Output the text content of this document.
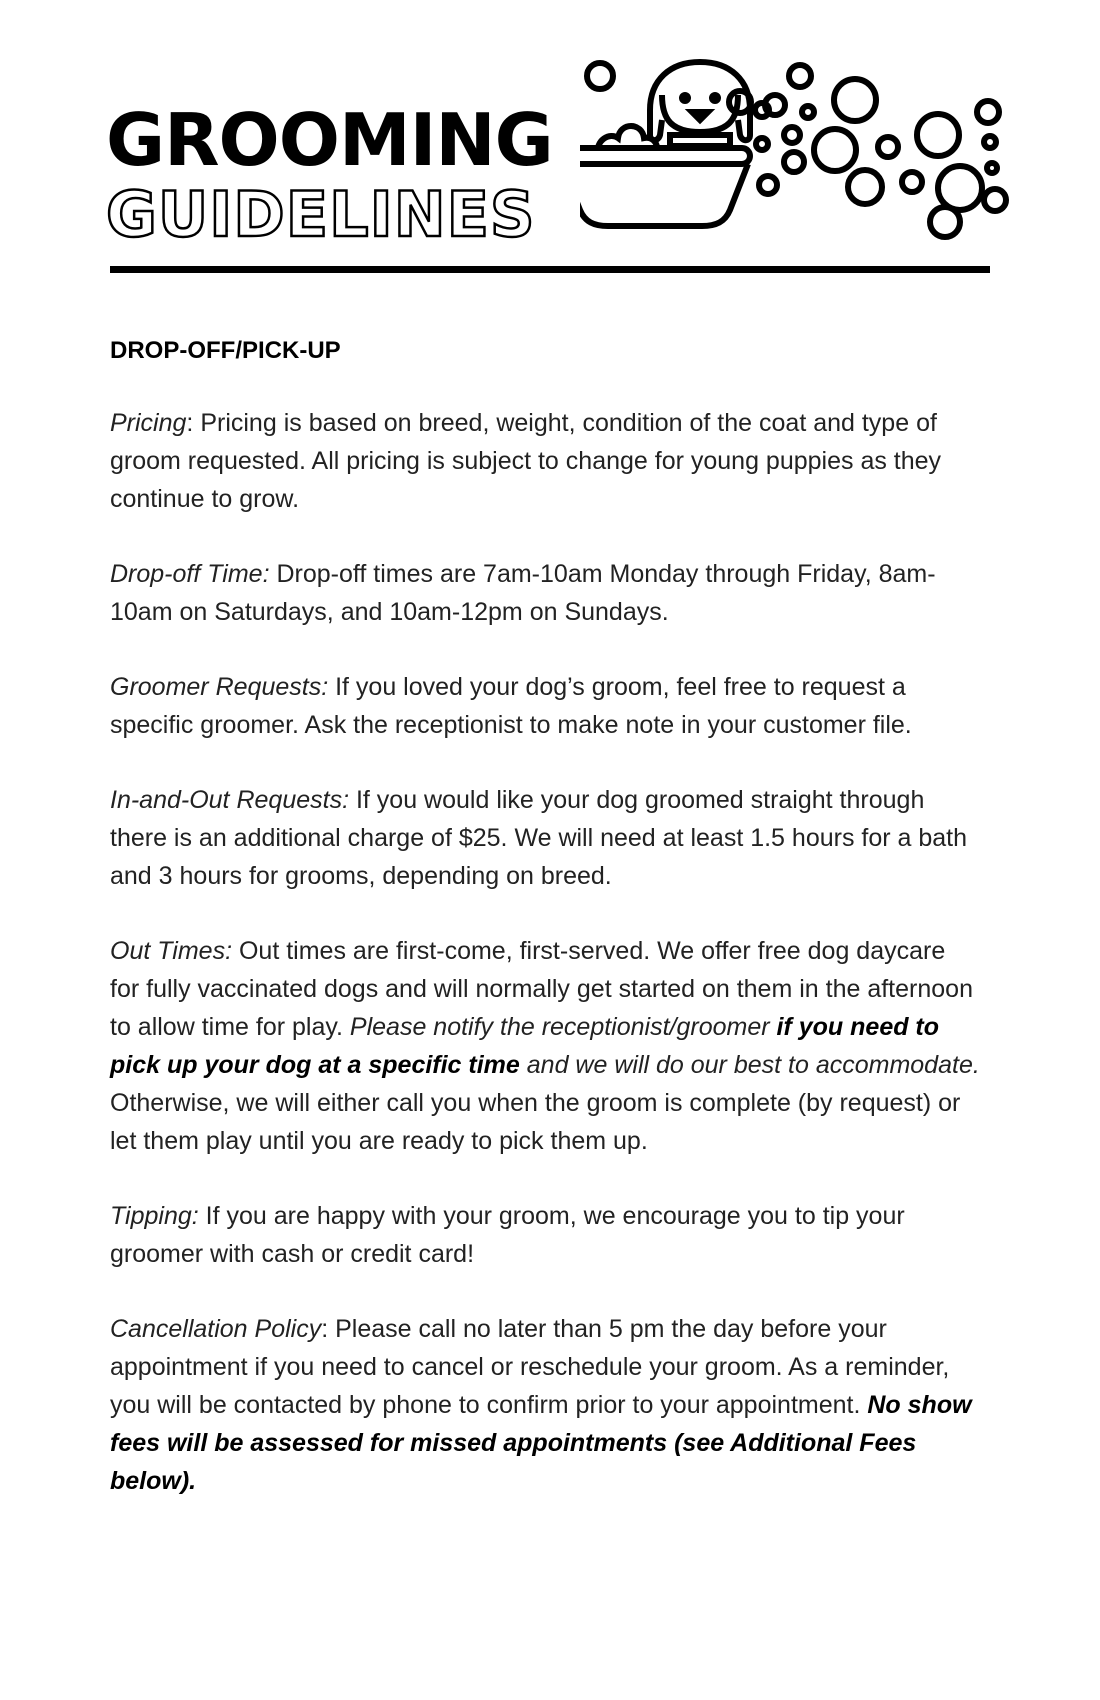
GROOMING
GUIDELINES
DROP-OFF/PICK-UP

Pricing: Pricing is based on breed, weight, condition of the coat and type of groom requested. All pricing is subject to change for young puppies as they continue to grow.

Drop-off Time: Drop-off times are 7am-10am Monday through Friday, 8am-10am on Saturdays, and 10am-12pm on Sundays.

Groomer Requests: If you loved your dog’s groom, feel free to request a specific groomer. Ask the receptionist to make note in your customer file.

In-and-Out Requests: If you would like your dog groomed straight through there is an additional charge of $25. We will need at least 1.5 hours for a bath and 3 hours for grooms, depending on breed.

Out Times: Out times are first-come, first-served. We offer free dog daycare for fully vaccinated dogs and will normally get started on them in the afternoon to allow time for play. Please notify the receptionist/groomer if you need to pick up your dog at a specific time and we will do our best to accommodate. Otherwise, we will either call you when the groom is complete (by request) or let them play until you are ready to pick them up.

Tipping: If you are happy with your groom, we encourage you to tip your groomer with cash or credit card!

Cancellation Policy: Please call no later than 5 pm the day before your appointment if you need to cancel or reschedule your groom. As a reminder, you will be contacted by phone to confirm prior to your appointment. No show fees will be assessed for missed appointments (see Additional Fees below).
